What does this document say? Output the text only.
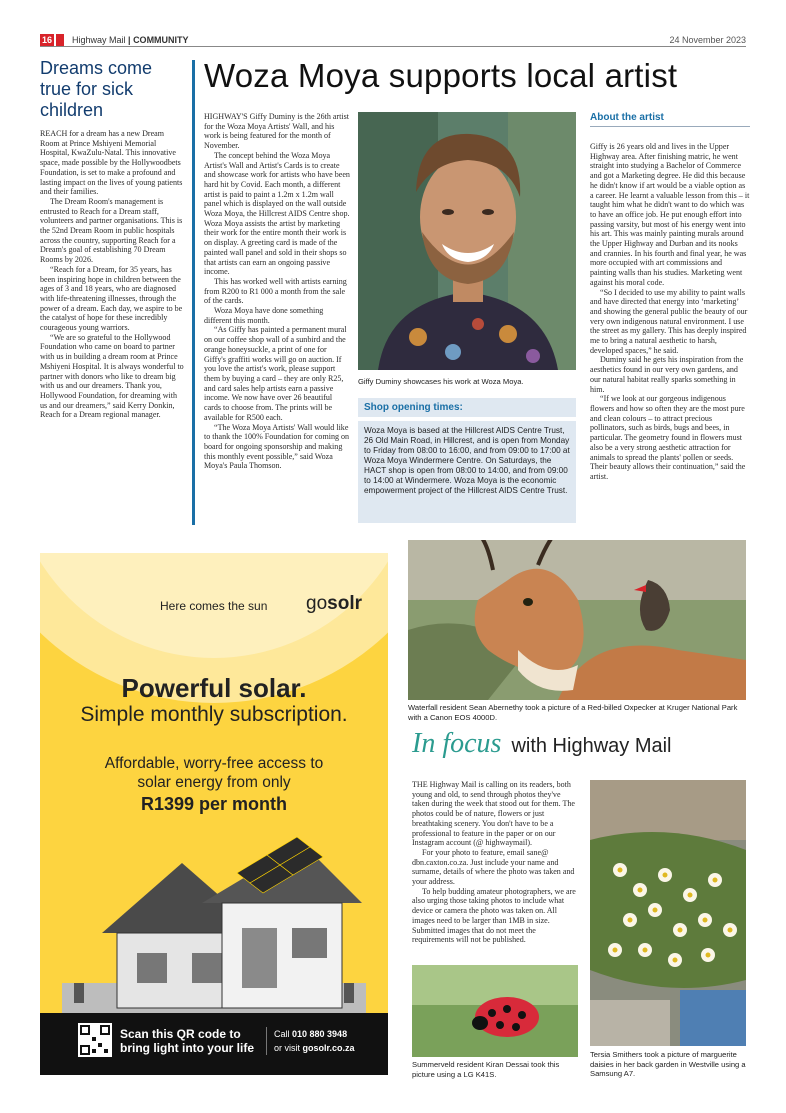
16 Highway Mail | COMMUNITY	24 November 2023
Dreams come true for sick children

REACH for a dream has a new Dream Room at Prince Mshiyeni Memorial Hospital, KwaZulu-Natal. This innovative space, made possible by the Hollywoodbets Foundation, is set to make a profound and lasting impact on the lives of young patients and their families.

The Dream Room's management is entrusted to Reach for a Dream staff, volunteers and partner organisations. This is the 52nd Dream Room in public hospitals across the country, supporting Reach for a Dream's goal of establishing 70 Dream Rooms by 2026.

“Reach for a Dream, for 35 years, has been inspiring hope in children between the ages of 3 and 18 years, who are diagnosed with life-threatening illnesses, through the power of a dream. Each day, we aspire to be the catalyst of hope for these incredibly courageous young warriors.

“We are so grateful to the Hollywood Foundation who came on board to partner with us in building a dream room at Prince Mshiyeni Hospital. It is always wonderful to partner with donors who like to dream big with us and our dreamers. Thank you, Hollywood Foundation, for dreaming with us and our dreamers,” said Kerry Donkin, Reach for a Dream regional manager.

Woza Moya supports local artist

HIGHWAY'S Giffy Duminy is the 26th artist for the Woza Moya Artists' Wall, and his work is being featured for the month of November.

The concept behind the Woza Moya Artist's Wall and Artist's Cards is to create and showcase work for artists who have been hard hit by Covid. Each month, a different artist is paid to paint a 1.2m x 1.2m wall panel which is displayed on the wall outside Woza Moya, the Hillcrest AIDS Centre shop. Woza Moya assists the artist by marketing their work for the entire month their work is on display. A greeting card is made of the painted wall panel and sold in their shops so that artists can earn an ongoing passive income.

This has worked well with artists earning from R200 to R1 000 a month from the sale of the cards.

Woza Moya have done something different this month.

“As Giffy has painted a permanent mural on our coffee shop wall of a sunbird and the orange honeysuckle, a print of one for Giffy's graffiti works will go on auction. If you love the artist's work, please support them by buying a card – they are only R25, and card sales help artists earn a passive income. We now have over 26 beautiful cards to choose from. The prints will be available for R500 each.

“The Woza Moya Artists' Wall would like to thank the 100% Foundation for coming on board for ongoing sponsorship and making this monthly event possible,” said Woza Moya's Paula Thomson.

Giffy Duminy showcases his work at Woza Moya.
Shop opening times:
Woza Moya is based at the Hillcrest AIDS Centre Trust, 26 Old Main Road, in Hillcrest, and is open from Monday to Friday from 08:00 to 16:00, and from 09:00 to 17:00 at Woza Moya Windermere Centre. On Saturdays, the HACT shop is open from 08:00 to 14:00, and from 09:00 to 14:00 at Windermere. Woza Moya is the economic empowerment project of the Hillcrest AIDS Centre Trust.
About the artist

Giffy is 26 years old and lives in the Upper Highway area. After finishing matric, he went straight into studying a Bachelor of Commerce and got a Marketing degree. He did this because he didn't know if art would be a viable option as a career. He learnt a valuable lesson from this – it taught him what he didn't want to do which was to have an office job. He put enough effort into passing varsity, but most of his energy went into his art. This was mainly painting murals around the Upper Highway and Durban and its nooks and crannies. In his fourth and final year, he was more occupied with art commissions and painting walls than his studies. Marketing went against his moral code.

“So I decided to use my ability to paint walls and have directed that energy into ‘marketing’ and showing the general public the beauty of our very own indigenous natural environment. I use the street as my gallery. This has deeply inspired me to bring a natural aesthetic to harsh, developed spaces,” he said.

Duminy said he gets his inspiration from the aesthetics found in our very own gardens, and our natural habitat really sparks something in him.

“If we look at our gorgeous indigenous flowers and how so often they are the most pure and clean colours – to attract precious pollinators, such as birds, bugs and bees, in particular. The geometry found in flowers must also be a very strong aesthetic attraction for animals to spread the plants' pollen or seeds. Their beauty allows their continuation,” said the artist.

Here comes the sun gosolr
Powerful solar.
Simple monthly subscription.
Affordable, worry-free access to
solar energy from only
R1399 per month
Scan this QR code to
bring light into your life
Call 010 880 3948
or visit gosolr.co.za
Waterfall resident Sean Abernethy took a picture of a Red-billed Oxpecker at Kruger National Park with a Canon EOS 4000D.
In focus with Highway Mail

THE Highway Mail is calling on its readers, both young and old, to send through photos they've taken during the week that stood out for them. The photos could be of nature, flowers or just breathtaking scenery. You don't have to be a professional to feature in the paper or on our Instagram account (@ highwaymail).

For your photo to feature, email sane@ dbn.caxton.co.za. Just include your name and surname, details of where the photo was taken and your address.

To help budding amateur photographers, we are also urging those taking photos to include what device or camera the photo was taken on. All images need to be larger than 1MB in size. Submitted images that do not meet the requirements will not be published.

Summerveld resident Kiran Dessai took this picture using a LG K41S.
Tersia Smithers took a picture of marguerite daisies in her back garden in Westville using a Samsung A7.
